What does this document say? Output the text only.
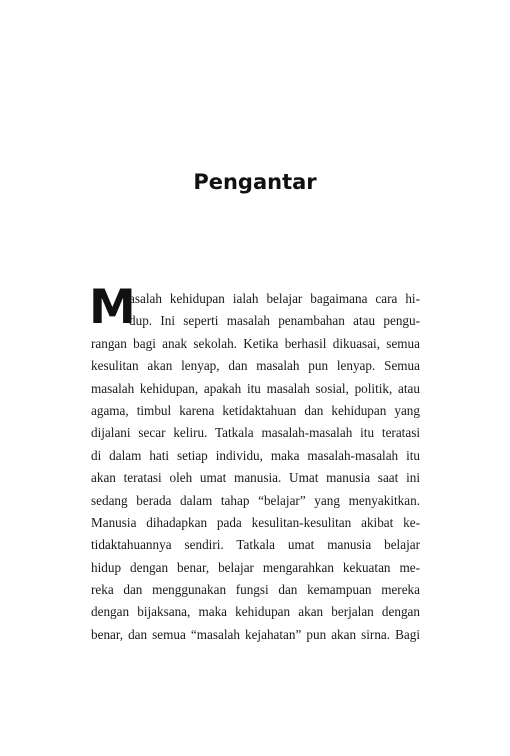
Pengantar
M
asalah kehidupan ialah belajar bagaimana cara hi-
dup. Ini seperti masalah penambahan atau pengu-
rangan bagi anak sekolah. Ketika berhasil dikuasai, semua
kesulitan akan lenyap, dan masalah pun lenyap. Semua
masalah kehidupan, apakah itu masalah sosial, politik, atau
agama, timbul karena ketidaktahuan dan kehidupan yang
dijalani secar keliru. Tatkala masalah-masalah itu teratasi
di dalam hati setiap individu, maka masalah-masalah itu
akan teratasi oleh umat manusia. Umat manusia saat ini
sedang berada dalam tahap “belajar” yang menyakitkan.
Manusia dihadapkan pada kesulitan-kesulitan akibat ke-
tidaktahuannya sendiri. Tatkala umat manusia belajar
hidup dengan benar, belajar mengarahkan kekuatan me-
reka dan menggunakan fungsi dan kemampuan mereka
dengan bijaksana, maka kehidupan akan berjalan dengan
benar, dan semua “masalah kejahatan” pun akan sirna. Bagi
